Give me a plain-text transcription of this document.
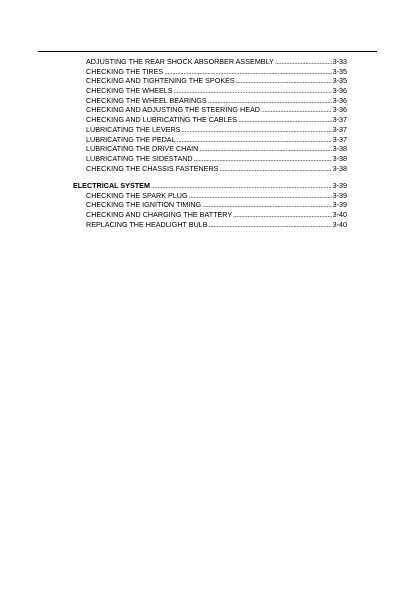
ADJUSTING THE REAR SHOCK ABSORBER ASSEMBLY .....	3-33
CHECKING THE TIRES .....	3-35
CHECKING AND TIGHTENING THE SPOKES .....	3-35
CHECKING THE WHEELS .....	3-36
CHECKING THE WHEEL BEARINGS .....	3-36
CHECKING AND ADJUSTING THE STEERING HEAD .....	3-36
CHECKING AND LUBRICATING THE CABLES .....	3-37
LUBRICATING THE LEVERS .....	3-37
LUBRICATING THE PEDAL .....	3-37
LUBRICATING THE DRIVE CHAIN .....	3-38
LUBRICATING THE SIDESTAND .....	3-38
CHECKING THE CHASSIS FASTENERS .....	3-38
ELECTRICAL SYSTEM .....	3-39
CHECKING THE SPARK PLUG .....	3-39
CHECKING THE IGNITION TIMING .....	3-39
CHECKING AND CHARGING THE BATTERY .....	3-40
REPLACING THE HEADLIGHT BULB .....	3-40
